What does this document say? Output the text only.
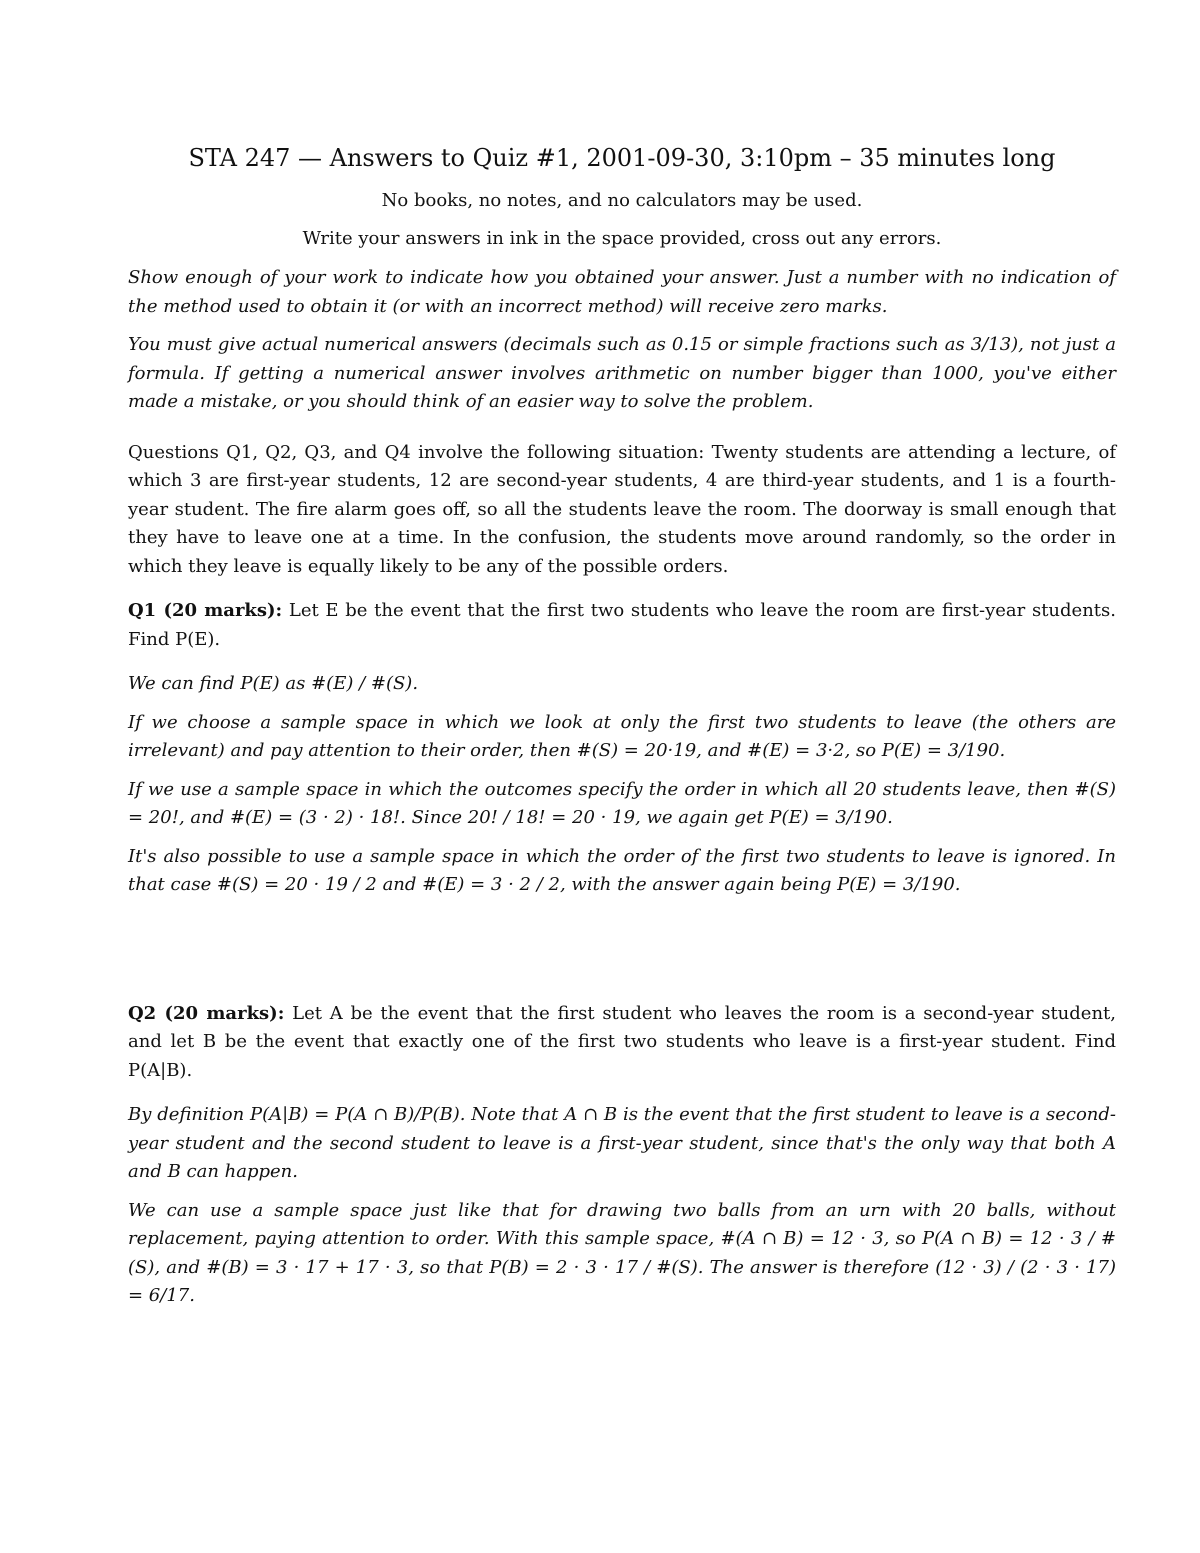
STA 247 — Answers to Quiz #1, 2001-09-30, 3:10pm – 35 minutes long
No books, no notes, and no calculators may be used.
Write your answers in ink in the space provided, cross out any errors.

Show enough of your work to indicate how you obtained your answer. Just a number with no indication of the method used to obtain it (or with an incorrect method) will receive zero marks.

You must give actual numerical answers (decimals such as 0.15 or simple fractions such as 3/13), not just a formula. If getting a numerical answer involves arithmetic on number bigger than 1000, you've either made a mistake, or you should think of an easier way to solve the problem.

Questions Q1, Q2, Q3, and Q4 involve the following situation: Twenty students are attending a lecture, of which 3 are first-year students, 12 are second-year students, 4 are third-year students, and 1 is a fourth-year student. The fire alarm goes off, so all the students leave the room. The doorway is small enough that they have to leave one at a time. In the confusion, the students move around randomly, so the order in which they leave is equally likely to be any of the possible orders.

Q1 (20 marks): Let E be the event that the first two students who leave the room are first-year students. Find P(E).

We can find P(E) as #(E) / #(S).

If we choose a sample space in which we look at only the first two students to leave (the others are irrelevant) and pay attention to their order, then #(S) = 20·19, and #(E) = 3·2, so P(E) = 3/190.

If we use a sample space in which the outcomes specify the order in which all 20 students leave, then #(S) = 20!, and #(E) = (3 · 2) · 18!. Since 20! / 18! = 20 · 19, we again get P(E) = 3/190.

It's also possible to use a sample space in which the order of the first two students to leave is ignored. In that case #(S) = 20 · 19 / 2 and #(E) = 3 · 2 / 2, with the answer again being P(E) = 3/190.

Q2 (20 marks): Let A be the event that the first student who leaves the room is a second-year student, and let B be the event that exactly one of the first two students who leave is a first-year student. Find P(A|B).

By definition P(A|B) = P(A ∩ B)/P(B). Note that A ∩ B is the event that the first student to leave is a second-year student and the second student to leave is a first-year student, since that's the only way that both A and B can happen.

We can use a sample space just like that for drawing two balls from an urn with 20 balls, without replacement, paying attention to order. With this sample space, #(A ∩ B) = 12 · 3, so P(A ∩ B) = 12 · 3 / #(S), and #(B) = 3 · 17 + 17 · 3, so that P(B) = 2 · 3 · 17 / #(S). The answer is therefore (12 · 3) / (2 · 3 · 17) = 6/17.
